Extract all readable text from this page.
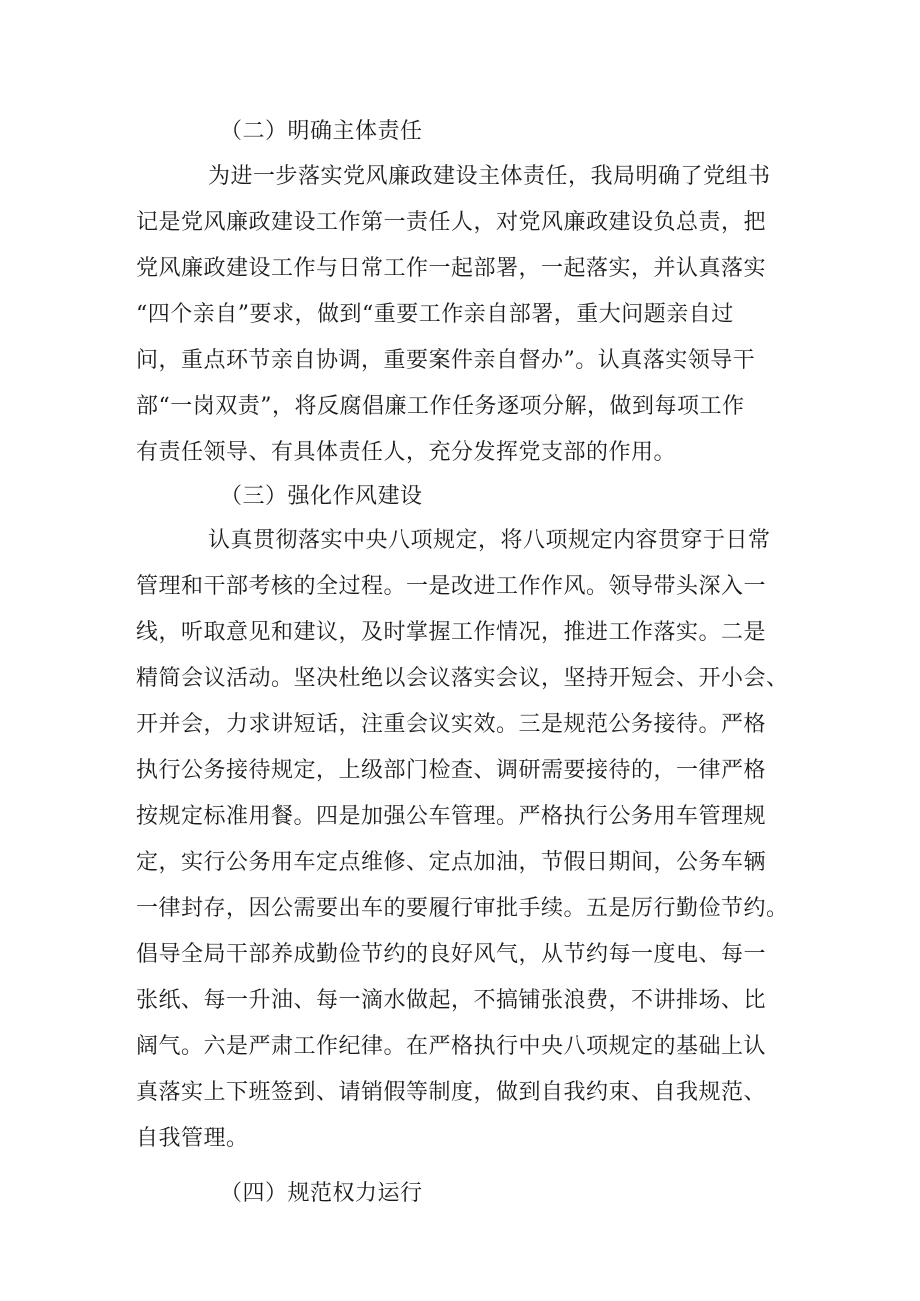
（二）明确主体责任
为进一步落实党风廉政建设主体责任，我局明确了党组书
记是党风廉政建设工作第一责任人，对党风廉政建设负总责，把
党风廉政建设工作与日常工作一起部署，一起落实，并认真落实
“四个亲自”要求，做到“重要工作亲自部署，重大问题亲自过
问，重点环节亲自协调，重要案件亲自督办”。认真落实领导干
部“一岗双责”，将反腐倡廉工作任务逐项分解，做到每项工作
有责任领导、有具体责任人，充分发挥党支部的作用。
（三）强化作风建设
认真贯彻落实中央八项规定，将八项规定内容贯穿于日常
管理和干部考核的全过程。一是改进工作作风。领导带头深入一
线，听取意见和建议，及时掌握工作情况，推进工作落实。二是
精简会议活动。坚决杜绝以会议落实会议，坚持开短会、开小会、
开并会，力求讲短话，注重会议实效。三是规范公务接待。严格
执行公务接待规定，上级部门检查、调研需要接待的，一律严格
按规定标准用餐。四是加强公车管理。严格执行公务用车管理规
定，实行公务用车定点维修、定点加油，节假日期间，公务车辆
一律封存，因公需要出车的要履行审批手续。五是厉行勤俭节约。
倡导全局干部养成勤俭节约的良好风气，从节约每一度电、每一
张纸、每一升油、每一滴水做起，不搞铺张浪费，不讲排场、比
阔气。六是严肃工作纪律。在严格执行中央八项规定的基础上认
真落实上下班签到、请销假等制度，做到自我约束、自我规范、
自我管理。
（四）规范权力运行
